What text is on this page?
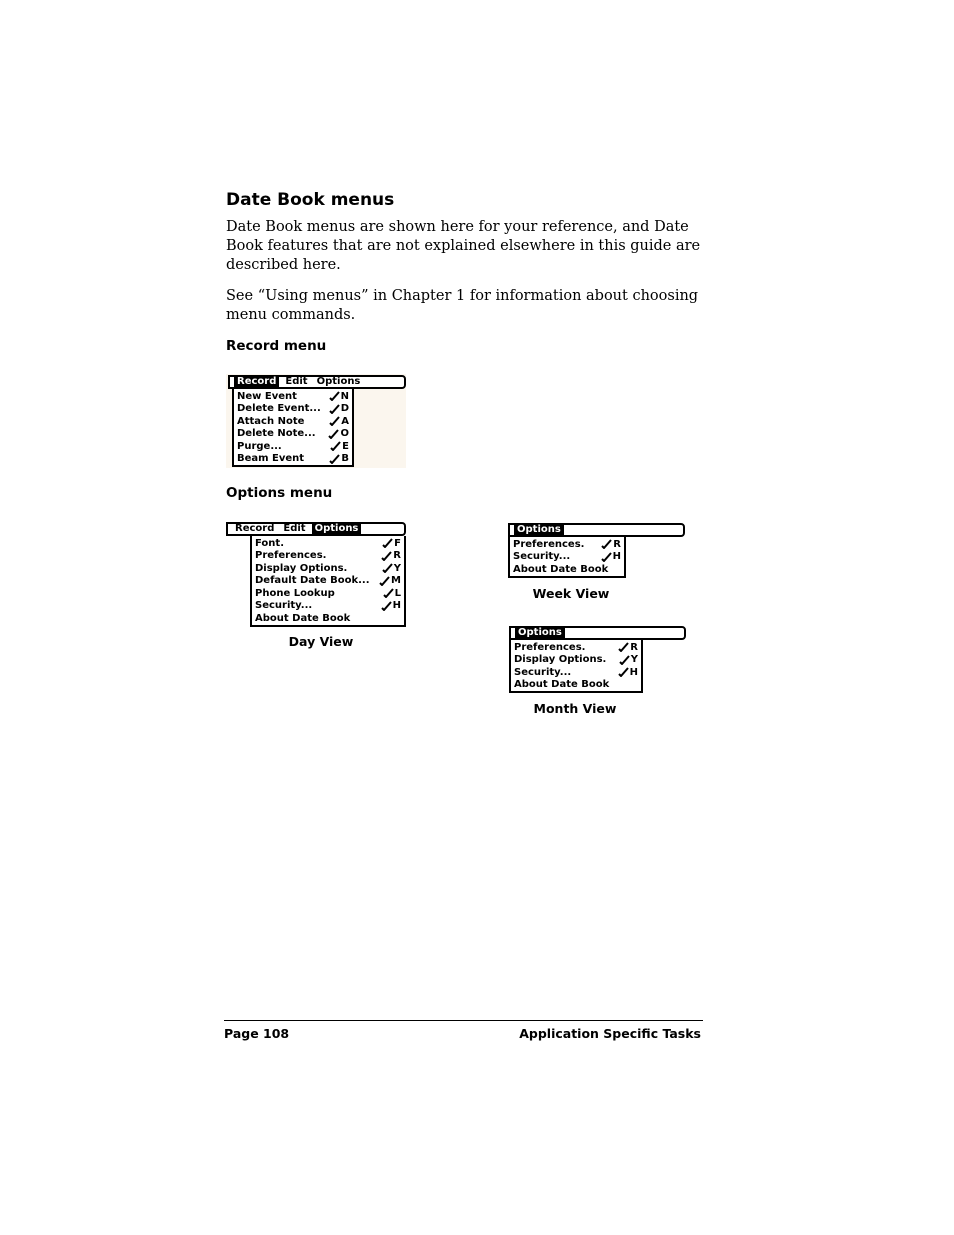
Date Book menus

Date Book menus are shown here for your reference, and Date Book features that are not explained elsewhere in this guide are described here.

See “Using menus” in Chapter 1 for information about choosing menu commands.

Record menu
Record Edit Options
New Event	N
Delete Event... D
Attach Note	A
Delete Note... O
Purge...	E
Beam Event	B
Options menu
Record Edit Options
Font.	F
Preferences.	R
Display Options.	Y
Default Date Book... M
Phone Lookup	L
Security...	H
About Date Book
Day View
Options
Preferences.	R
Security...	H
About Date Book
Week View
Options
Preferences.	R
Display Options. Y
Security...	H
About Date Book
Month View
Page 108	Application Specific Tasks
